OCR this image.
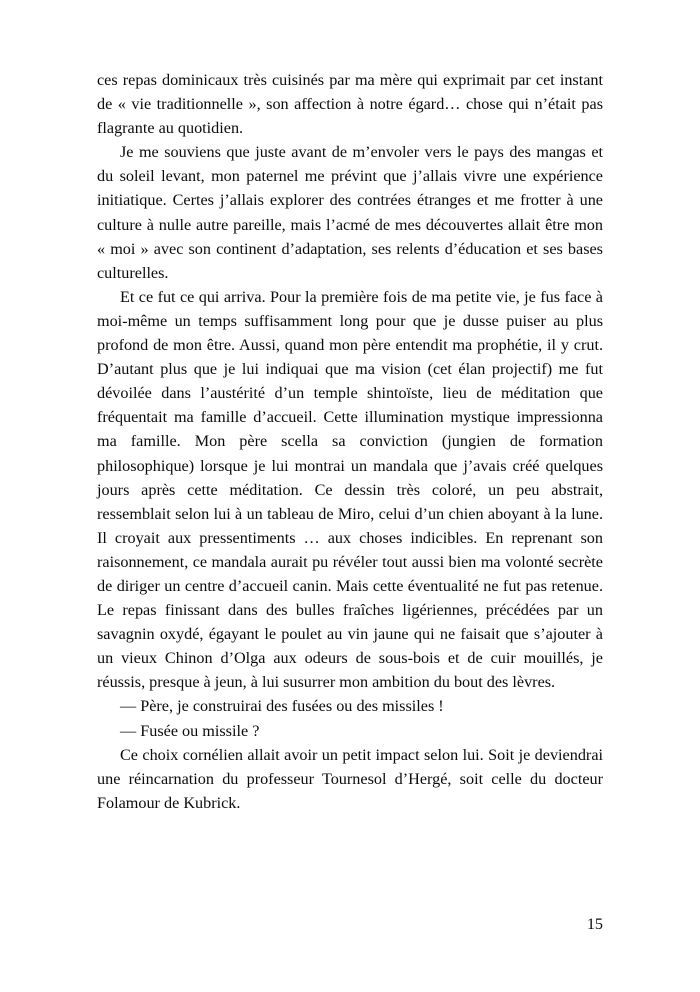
ces repas dominicaux très cuisinés par ma mère qui exprimait par cet instant de « vie traditionnelle », son affection à notre égard… chose qui n’était pas flagrante au quotidien.

Je me souviens que juste avant de m’envoler vers le pays des mangas et du soleil levant, mon paternel me prévint que j’allais vivre une expérience initiatique. Certes j’allais explorer des contrées étranges et me frotter à une culture à nulle autre pareille, mais l’acmé de mes découvertes allait être mon « moi » avec son continent d’adaptation, ses relents d’éducation et ses bases culturelles.

Et ce fut ce qui arriva. Pour la première fois de ma petite vie, je fus face à moi-même un temps suffisamment long pour que je dusse puiser au plus profond de mon être. Aussi, quand mon père entendit ma prophétie, il y crut. D’autant plus que je lui indiquai que ma vision (cet élan projectif) me fut dévoilée dans l’austérité d’un temple shintoïste, lieu de méditation que fréquentait ma famille d’accueil. Cette illumination mystique impressionna ma famille. Mon père scella sa conviction (jungien de formation philosophique) lorsque je lui montrai un mandala que j’avais créé quelques jours après cette méditation. Ce dessin très coloré, un peu abstrait, ressemblait selon lui à un tableau de Miro, celui d’un chien aboyant à la lune. Il croyait aux pressentiments … aux choses indicibles. En reprenant son raisonnement, ce mandala aurait pu révéler tout aussi bien ma volonté secrète de diriger un centre d’accueil canin. Mais cette éventualité ne fut pas retenue. Le repas finissant dans des bulles fraîches ligériennes, précédées par un savagnin oxydé, égayant le poulet au vin jaune qui ne faisait que s’ajouter à un vieux Chinon d’Olga aux odeurs de sous-bois et de cuir mouillés, je réussis, presque à jeun, à lui susurrer mon ambition du bout des lèvres.

— Père, je construirai des fusées ou des missiles !

— Fusée ou missile ?

Ce choix cornélien allait avoir un petit impact selon lui. Soit je deviendrai une réincarnation du professeur Tournesol d’Hergé, soit celle du docteur Folamour de Kubrick.

15
